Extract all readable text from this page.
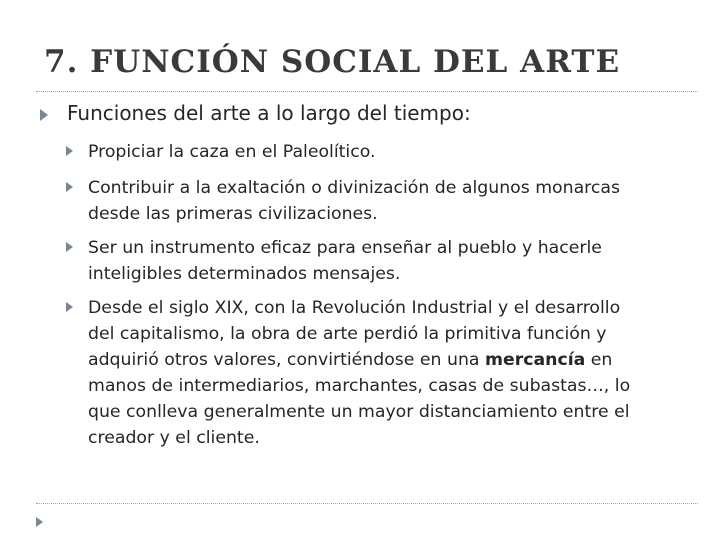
7. FUNCIÓN SOCIAL DEL ARTE
Funciones del arte a lo largo del tiempo:
Propiciar la caza en el Paleolítico.
Contribuir a la exaltación o divinización de algunos monarcas
desde las primeras civilizaciones.
Ser un instrumento eficaz para enseñar al pueblo y hacerle
inteligibles determinados mensajes.
Desde el siglo XIX, con la Revolución Industrial y el desarrollo
del capitalismo, la obra de arte perdió la primitiva función y
adquirió otros valores, convirtiéndose en una mercancía en
manos de intermediarios, marchantes, casas de subastas…, lo
que conlleva generalmente un mayor distanciamiento entre el
creador y el cliente.
